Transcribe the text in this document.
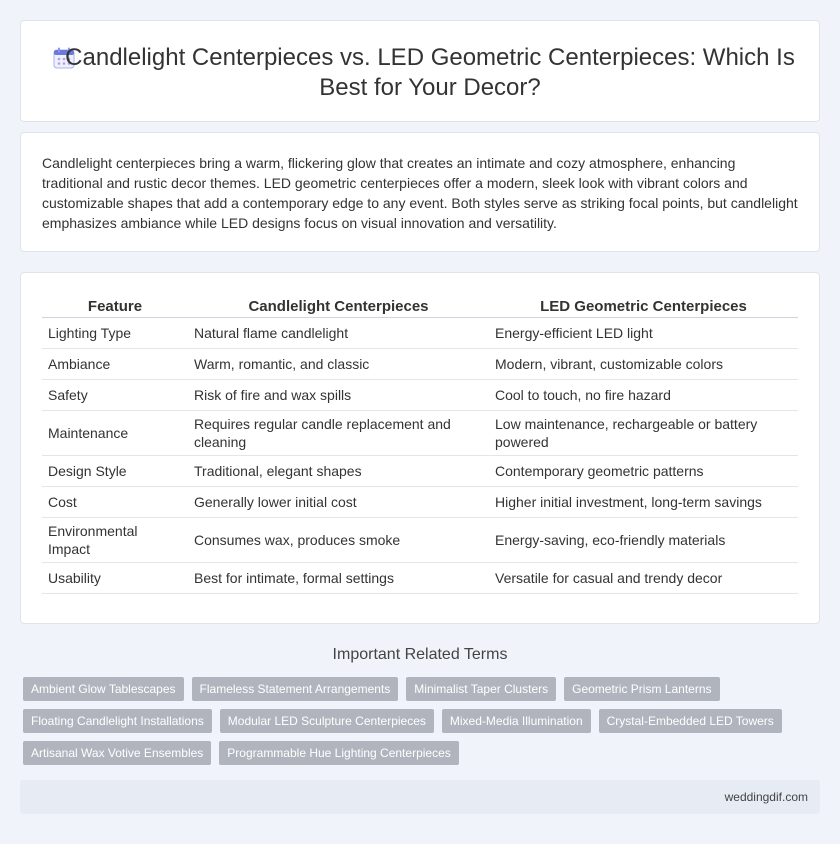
Candlelight Centerpieces vs. LED Geometric Centerpieces: Which Is Best for Your Decor?

Candlelight centerpieces bring a warm, flickering glow that creates an intimate and cozy atmosphere, enhancing traditional and rustic decor themes. LED geometric centerpieces offer a modern, sleek look with vibrant colors and customizable shapes that add a contemporary edge to any event. Both styles serve as striking focal points, but candlelight emphasizes ambiance while LED designs focus on visual innovation and versatility.

Feature	Candlelight Centerpieces	LED Geometric Centerpieces
Lighting Type	Natural flame candlelight	Energy-efficient LED light
Ambiance	Warm, romantic, and classic	Modern, vibrant, customizable colors
Safety	Risk of fire and wax spills	Cool to touch, no fire hazard
Maintenance	Requires regular candle replacement and cleaning	Low maintenance, rechargeable or battery powered
Design Style	Traditional, elegant shapes	Contemporary geometric patterns
Cost	Generally lower initial cost	Higher initial investment, long-term savings
Environmental Impact	Consumes wax, produces smoke	Energy-saving, eco-friendly materials
Usability	Best for intimate, formal settings	Versatile for casual and trendy decor
Important Related Terms
Ambient Glow Tablescapes	Flameless Statement Arrangements	Minimalist Taper Clusters	Geometric Prism Lanterns
Floating Candlelight Installations	Modular LED Sculpture Centerpieces	Mixed-Media Illumination	Crystal-Embedded LED Towers
Artisanal Wax Votive Ensembles	Programmable Hue Lighting Centerpieces
weddingdif.com
